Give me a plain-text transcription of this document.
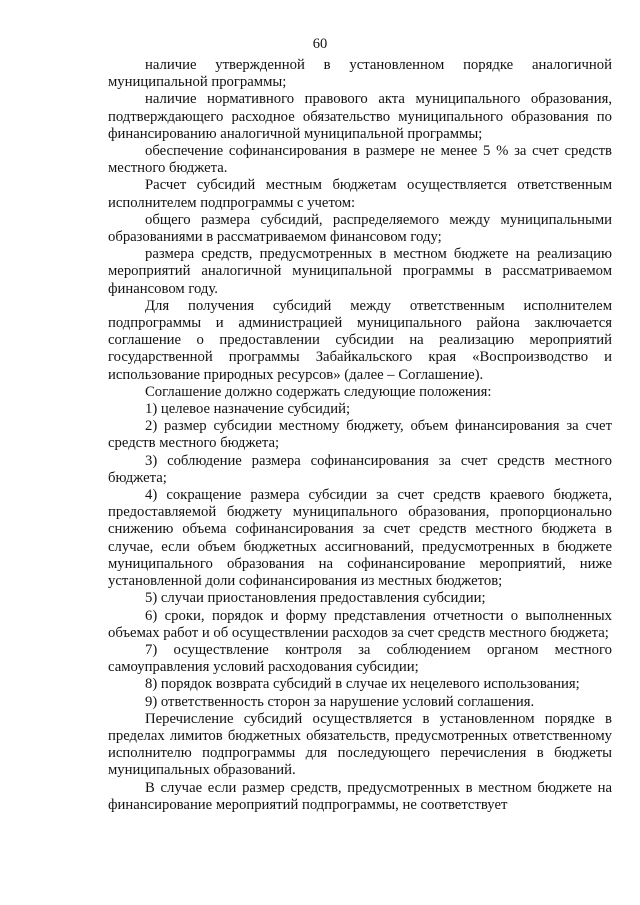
60

наличие утвержденной в установленном порядке аналогичной муниципальной программы;

наличие нормативного правового акта муниципального образования, подтверждающего расходное обязательство муниципального образования по финансированию аналогичной муниципальной программы;

обеспечение софинансирования в размере не менее 5 % за счет средств местного бюджета.

Расчет субсидий местным бюджетам осуществляется ответственным исполнителем подпрограммы с учетом:

общего размера субсидий, распределяемого между муниципальными образованиями в рассматриваемом финансовом году;

размера средств, предусмотренных в местном бюджете на реализацию мероприятий аналогичной муниципальной программы в рассматриваемом финансовом году.

Для получения субсидий между ответственным исполнителем подпрограммы и администрацией муниципального района заключается соглашение о предоставлении субсидии на реализацию мероприятий государственной программы Забайкальского края «Воспроизводство и использование природных ресурсов» (далее – Соглашение).

Соглашение должно содержать следующие положения:

1) целевое назначение субсидий;

2) размер субсидии местному бюджету, объем финансирования за счет средств местного бюджета;

3) соблюдение размера софинансирования за счет средств местного бюджета;

4) сокращение размера субсидии за счет средств краевого бюджета, предоставляемой бюджету муниципального образования, пропорционально снижению объема софинансирования за счет средств местного бюджета в случае, если объем бюджетных ассигнований, предусмотренных в бюджете муниципального образования на софинансирование мероприятий, ниже установленной доли софинансирования из местных бюджетов;

5) случаи приостановления предоставления субсидии;

6) сроки, порядок и форму представления отчетности о выполненных объемах работ и об осуществлении расходов за счет средств местного бюджета;

7) осуществление контроля за соблюдением органом местного самоуправления условий расходования субсидии;

8) порядок возврата субсидий в случае их нецелевого использования;

9) ответственность сторон за нарушение условий соглашения.

Перечисление субсидий осуществляется в установленном порядке в пределах лимитов бюджетных обязательств, предусмотренных ответственному исполнителю подпрограммы для последующего перечисления в бюджеты муниципальных образований.

В случае если размер средств, предусмотренных в местном бюджете на финансирование мероприятий подпрограммы, не соответствует
